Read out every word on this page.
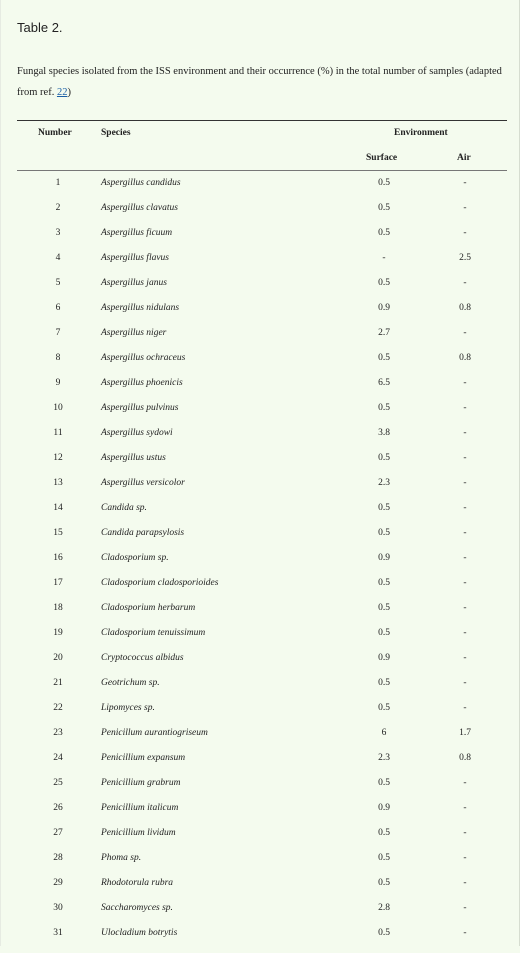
Table 2.
Fungal species isolated from the ISS environment and their occurrence (%) in the total number of samples (adapted from ref. 22)
Number	Species	Environment
Surface	Air
1	Aspergillus candidus	0.5	-
2	Aspergillus clavatus	0.5	-
3	Aspergillus ficuum	0.5	-
4	Aspergillus flavus	-	2.5
5	Aspergillus janus	0.5	-
6	Aspergillus nidulans	0.9	0.8
7	Aspergillus niger	2.7	-
8	Aspergillus ochraceus	0.5	0.8
9	Aspergillus phoenicis	6.5	-
10	Aspergillus pulvinus	0.5	-
11	Aspergillus sydowi	3.8	-
12	Aspergillus ustus	0.5	-
13	Aspergillus versicolor	2.3	-
14	Candida sp.	0.5	-
15	Candida parapsylosis	0.5	-
16	Cladosporium sp.	0.9	-
17	Cladosporium cladosporioides	0.5	-
18	Cladosporium herbarum	0.5	-
19	Cladosporium tenuissimum	0.5	-
20	Cryptococcus albidus	0.9	-
21	Geotrichum sp.	0.5	-
22	Lipomyces sp.	0.5	-
23	Penicillum aurantiogriseum	6	1.7
24	Penicillium expansum	2.3	0.8
25	Penicillium grabrum	0.5	-
26	Penicillium italicum	0.9	-
27	Penicillium lividum	0.5	-
28	Phoma sp.	0.5	-
29	Rhodotorula rubra	0.5	-
30	Saccharomyces sp.	2.8	-
31	Ulocladium botrytis	0.5	-
